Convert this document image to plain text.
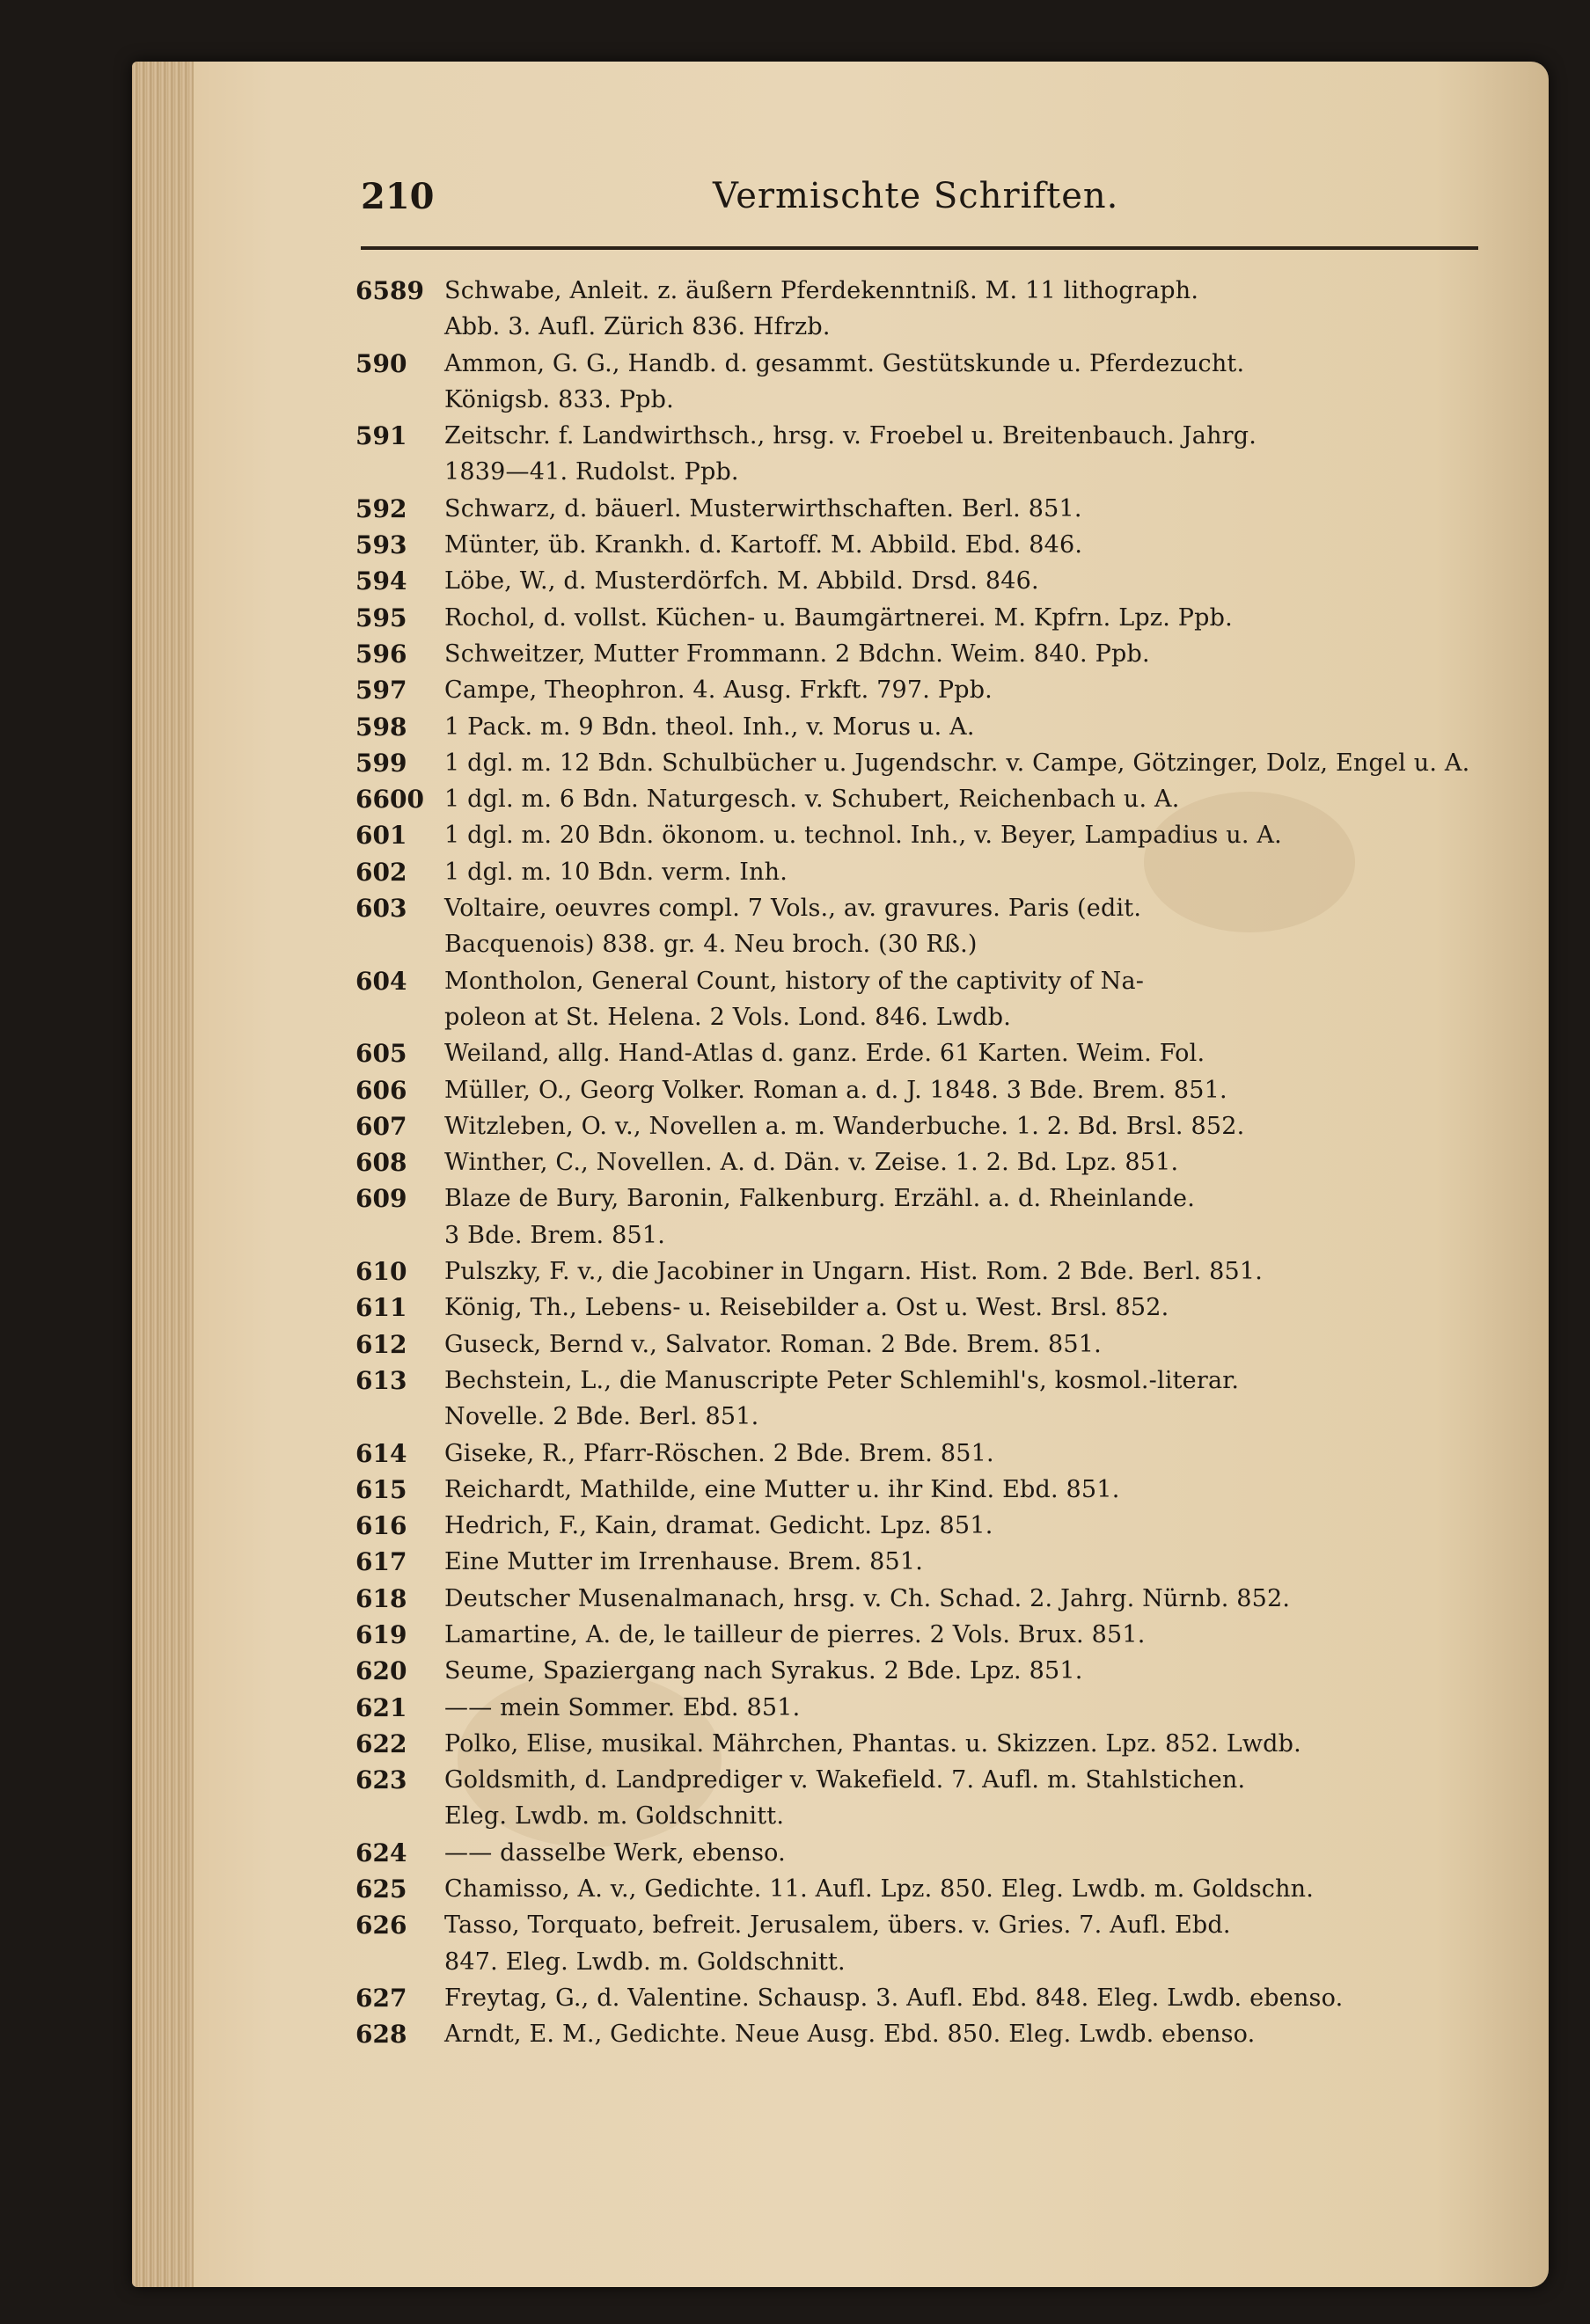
210	Vermischte Schriften.
6589 Schwabe, Anleit. z. äußern Pferdekenntniß. M. 11 lithograph.
Abb. 3. Aufl. Zürich 836. Hfrzb.
590 Ammon, G. G., Handb. d. gesammt. Gestütskunde u. Pferdezucht.
Königsb. 833. Ppb.
591 Zeitschr. f. Landwirthsch., hrsg. v. Froebel u. Breitenbauch. Jahrg.
1839—41. Rudolst. Ppb.
592 Schwarz, d. bäuerl. Musterwirthschaften. Berl. 851.
593 Münter, üb. Krankh. d. Kartoff. M. Abbild. Ebd. 846.
594 Löbe, W., d. Musterdörfch. M. Abbild. Drsd. 846.
595 Rochol, d. vollst. Küchen- u. Baumgärtnerei. M. Kpfrn. Lpz. Ppb.
596 Schweitzer, Mutter Frommann. 2 Bdchn. Weim. 840. Ppb.
597 Campe, Theophron. 4. Ausg. Frkft. 797. Ppb.
598 1 Pack. m. 9 Bdn. theol. Inh., v. Morus u. A.
599 1 dgl. m. 12 Bdn. Schulbücher u. Jugendschr. v. Campe, Götzinger, Dolz, Engel u. A.
6600 1 dgl. m. 6 Bdn. Naturgesch. v. Schubert, Reichenbach u. A.
601 1 dgl. m. 20 Bdn. ökonom. u. technol. Inh., v. Beyer, Lampadius u. A.
602 1 dgl. m. 10 Bdn. verm. Inh.
603 Voltaire, oeuvres compl. 7 Vols., av. gravures. Paris (edit.
Bacquenois) 838. gr. 4. Neu broch. (30 Rß.)
604 Montholon, General Count, history of the captivity of Na-
poleon at St. Helena. 2 Vols. Lond. 846. Lwdb.
605 Weiland, allg. Hand-Atlas d. ganz. Erde. 61 Karten. Weim. Fol.
606 Müller, O., Georg Volker. Roman a. d. J. 1848. 3 Bde. Brem. 851.
607 Witzleben, O. v., Novellen a. m. Wanderbuche. 1. 2. Bd. Brsl. 852.
608 Winther, C., Novellen. A. d. Dän. v. Zeise. 1. 2. Bd. Lpz. 851.
609 Blaze de Bury, Baronin, Falkenburg. Erzähl. a. d. Rheinlande.
3 Bde. Brem. 851.
610 Pulszky, F. v., die Jacobiner in Ungarn. Hist. Rom. 2 Bde. Berl. 851.
611 König, Th., Lebens- u. Reisebilder a. Ost u. West. Brsl. 852.
612 Guseck, Bernd v., Salvator. Roman. 2 Bde. Brem. 851.
613 Bechstein, L., die Manuscripte Peter Schlemihl's, kosmol.-literar.
Novelle. 2 Bde. Berl. 851.
614 Giseke, R., Pfarr-Röschen. 2 Bde. Brem. 851.
615 Reichardt, Mathilde, eine Mutter u. ihr Kind. Ebd. 851.
616 Hedrich, F., Kain, dramat. Gedicht. Lpz. 851.
617 Eine Mutter im Irrenhause. Brem. 851.
618 Deutscher Musenalmanach, hrsg. v. Ch. Schad. 2. Jahrg. Nürnb. 852.
619 Lamartine, A. de, le tailleur de pierres. 2 Vols. Brux. 851.
620 Seume, Spaziergang nach Syrakus. 2 Bde. Lpz. 851.
621 —— mein Sommer. Ebd. 851.
622 Polko, Elise, musikal. Mährchen, Phantas. u. Skizzen. Lpz. 852. Lwdb.
623 Goldsmith, d. Landprediger v. Wakefield. 7. Aufl. m. Stahlstichen.
Eleg. Lwdb. m. Goldschnitt.
624 —— dasselbe Werk, ebenso.
625 Chamisso, A. v., Gedichte. 11. Aufl. Lpz. 850. Eleg. Lwdb. m. Goldschn.
626 Tasso, Torquato, befreit. Jerusalem, übers. v. Gries. 7. Aufl. Ebd.
847. Eleg. Lwdb. m. Goldschnitt.
627 Freytag, G., d. Valentine. Schausp. 3. Aufl. Ebd. 848. Eleg. Lwdb. ebenso.
628 Arndt, E. M., Gedichte. Neue Ausg. Ebd. 850. Eleg. Lwdb. ebenso.
